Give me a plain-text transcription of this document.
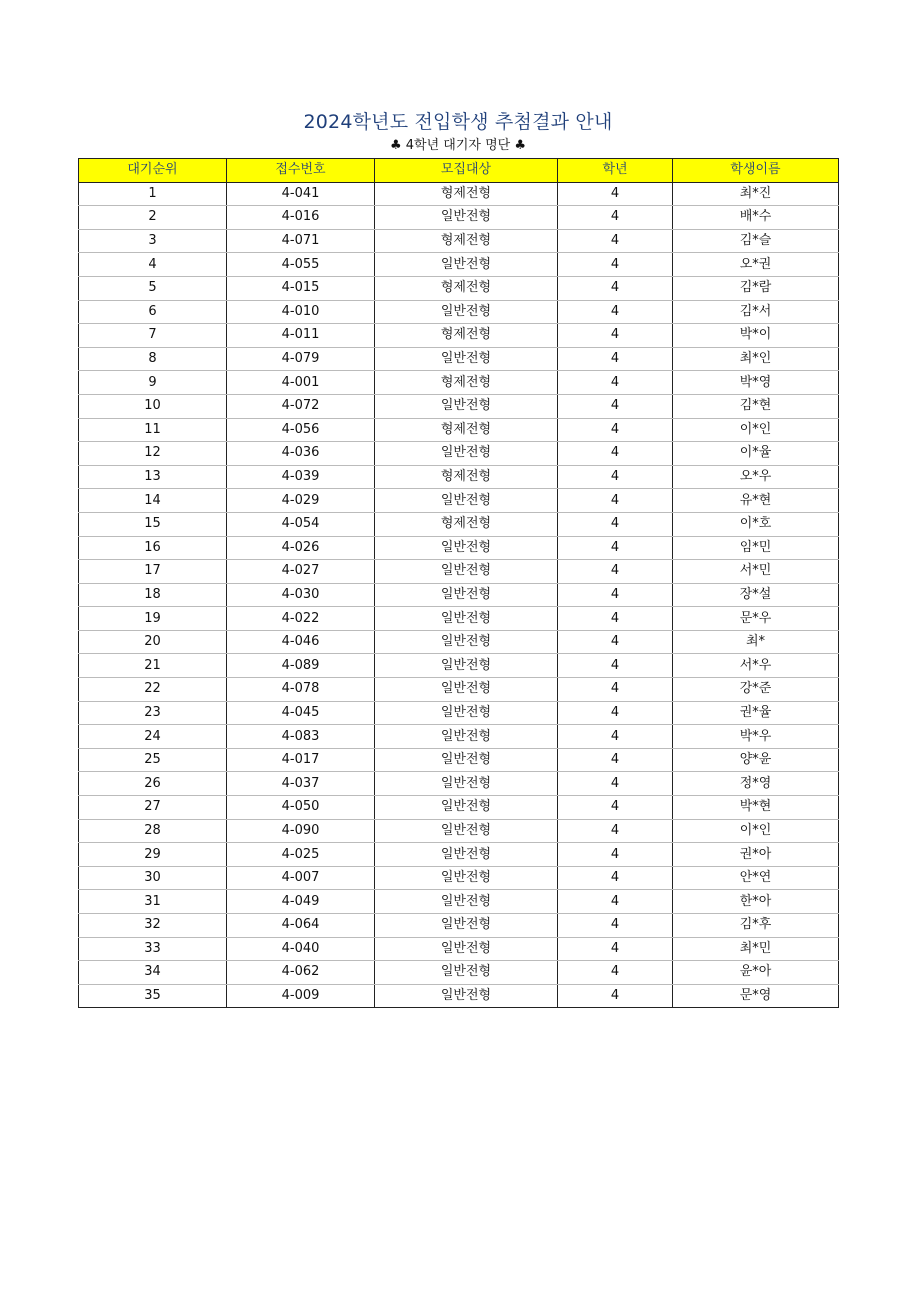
2024학년도 전입학생 추첨결과 안내
♣ 4학년 대기자 명단 ♣
대기순위	접수번호	모집대상	학년	학생이름
1	4-041	형제전형	4	최*진
2	4-016	일반전형	4	배*수
3	4-071	형제전형	4	김*슬
4	4-055	일반전형	4	오*권
5	4-015	형제전형	4	김*람
6	4-010	일반전형	4	김*서
7	4-011	형제전형	4	박*이
8	4-079	일반전형	4	최*인
9	4-001	형제전형	4	박*영
10	4-072	일반전형	4	김*현
11	4-056	형제전형	4	이*인
12	4-036	일반전형	4	이*율
13	4-039	형제전형	4	오*우
14	4-029	일반전형	4	유*현
15	4-054	형제전형	4	이*호
16	4-026	일반전형	4	임*민
17	4-027	일반전형	4	서*민
18	4-030	일반전형	4	장*설
19	4-022	일반전형	4	문*우
20	4-046	일반전형	4	최*
21	4-089	일반전형	4	서*우
22	4-078	일반전형	4	강*준
23	4-045	일반전형	4	권*율
24	4-083	일반전형	4	박*우
25	4-017	일반전형	4	양*윤
26	4-037	일반전형	4	정*영
27	4-050	일반전형	4	박*현
28	4-090	일반전형	4	이*인
29	4-025	일반전형	4	권*아
30	4-007	일반전형	4	안*연
31	4-049	일반전형	4	한*아
32	4-064	일반전형	4	김*후
33	4-040	일반전형	4	최*민
34	4-062	일반전형	4	윤*아
35	4-009	일반전형	4	문*영
